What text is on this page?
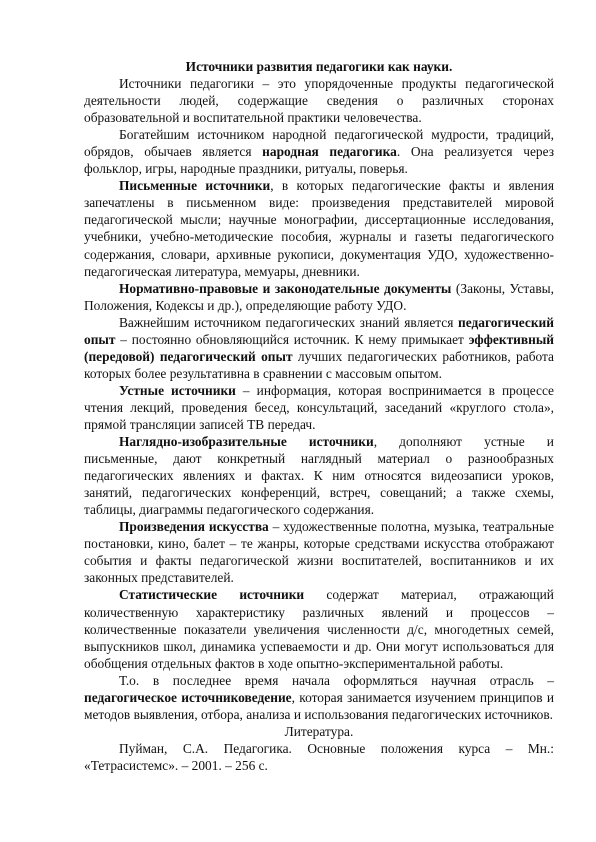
Источники развития педагогики как науки.

Источники педагогики – это упорядоченные продукты педагогической деятельности людей, содержащие сведения о различных сторонах образовательной и воспитательной практики человечества.

Богатейшим источником народной педагогической мудрости, традиций, обрядов, обычаев является народная педагогика. Она реализуется через фольклор, игры, народные праздники, ритуалы, поверья.

Письменные источники, в которых педагогические факты и явления запечатлены в письменном виде: произведения представителей мировой педагогической мысли; научные монографии, диссертационные исследования, учебники, учебно-методические пособия, журналы и газеты педагогического содержания, словари, архивные рукописи, документация УДО, художественно-педагогическая литература, мемуары, дневники.

Нормативно-правовые и законодательные документы (Законы, Уставы, Положения, Кодексы и др.), определяющие работу УДО.

Важнейшим источником педагогических знаний является педагогический опыт – постоянно обновляющийся источник. К нему примыкает эффективный (передовой) педагогический опыт лучших педагогических работников, работа которых более результативна в сравнении с массовым опытом.

Устные источники – информация, которая воспринимается в процессе чтения лекций, проведения бесед, консультаций, заседаний «круглого стола», прямой трансляции записей ТВ передач.

Наглядно-изобразительные источники, дополняют устные и письменные, дают конкретный наглядный материал о разнообразных педагогических явлениях и фактах. К ним относятся видеозаписи уроков, занятий, педагогических конференций, встреч, совещаний; а также схемы, таблицы, диаграммы педагогического содержания.

Произведения искусства – художественные полотна, музыка, театральные постановки, кино, балет – те жанры, которые средствами искусства отображают события и факты педагогической жизни воспитателей, воспитанников и их законных представителей.

Статистические источники содержат материал, отражающий количественную характеристику различных явлений и процессов – количественные показатели увеличения численности д/с, многодетных семей, выпускников школ, динамика успеваемости и др. Они могут использоваться для обобщения отдельных фактов в ходе опытно-экспериментальной работы.

Т.о. в последнее время начала оформляться научная отрасль – педагогическое источниковедение, которая занимается изучением принципов и методов выявления, отбора, анализа и использования педагогических источников.

Литература.

Пуйман, С.А. Педагогика. Основные положения курса – Мн.: «Тетрасистемс». – 2001. – 256 с.
